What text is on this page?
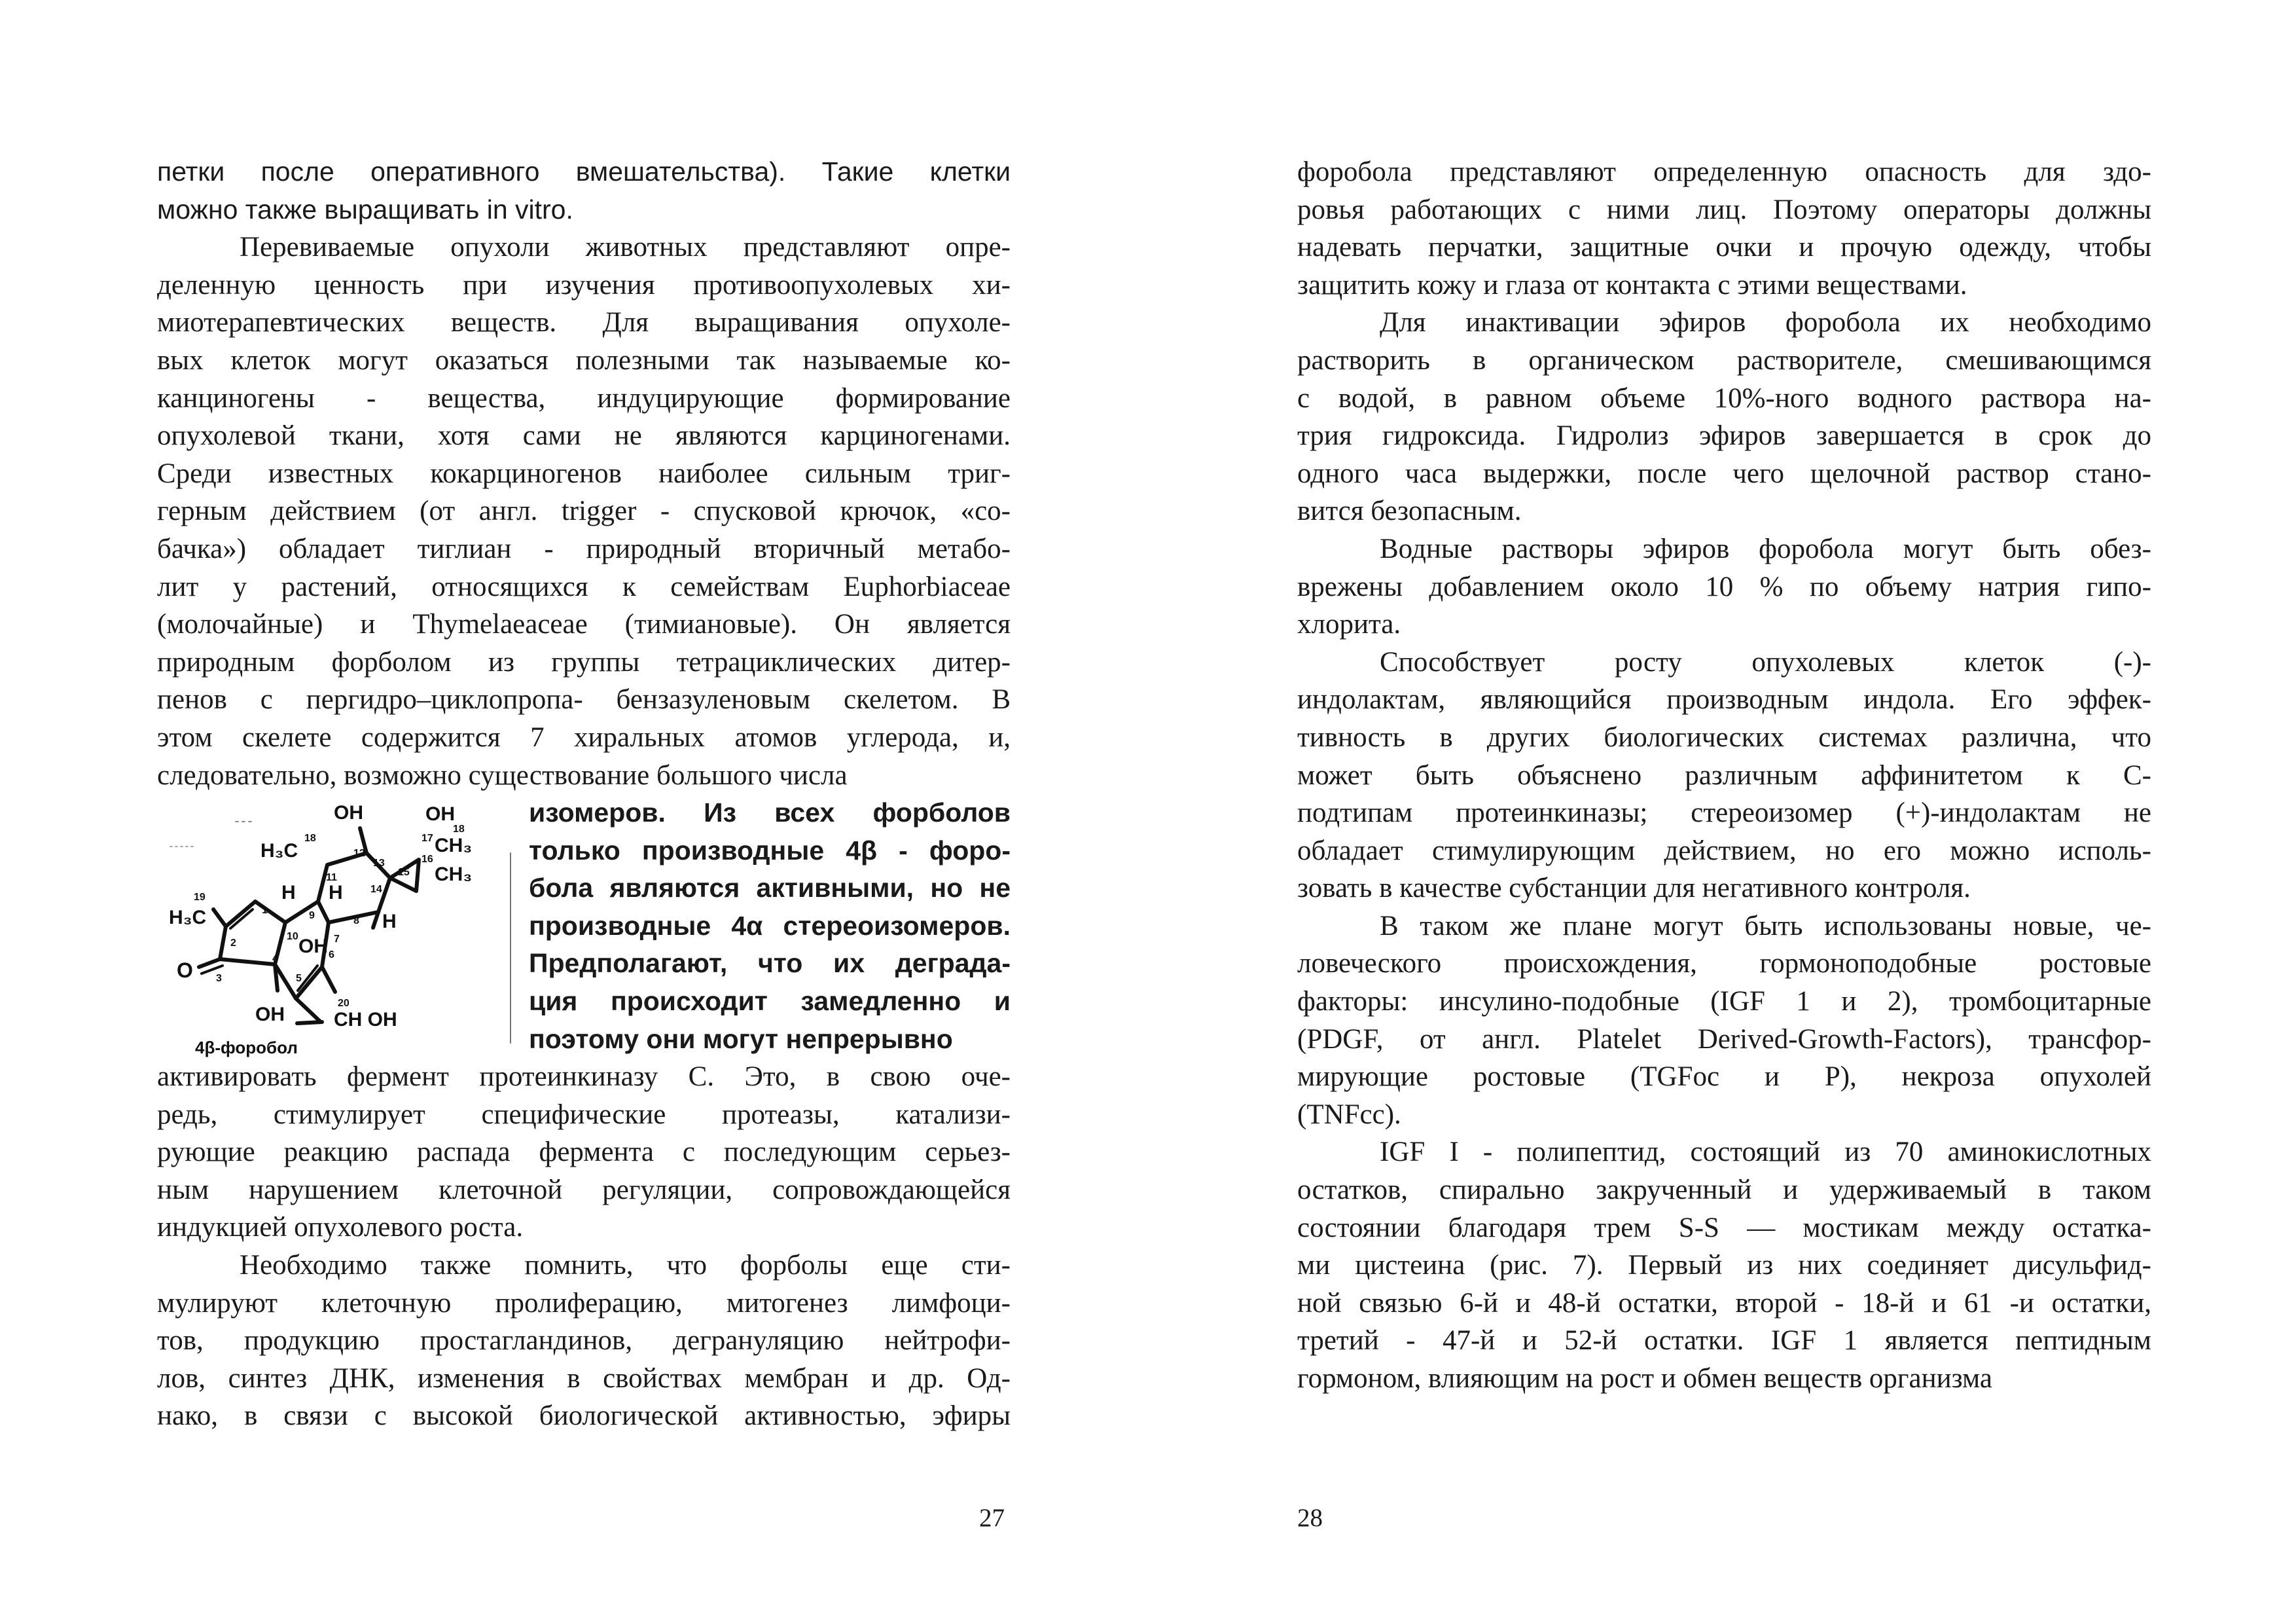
петки после оперативного вмешательства). Такие клетки
можно также выращивать in vitro.
Перевиваемые опухоли животных представляют опре-
деленную ценность при изучения противоопухолевых хи-
миотерапевтических веществ. Для выращивания опухоле-
вых клеток могут оказаться полезными так называемые ко-
канциногены - вещества, индуцирующие формирование
опухолевой ткани, хотя сами не являются карциногенами.
Среди известных кокарциногенов наиболее сильным триг-
герным действием (от англ. trigger - спусковой крючок, «со-
бачка») обладает тиглиан - природный вторичный метабо-
лит у растений, относящихся к семействам Euphorbiaceae
(молочайные) и Thymelaeaceae (тимиановые). Он является
природным форболом из группы тетрациклических дитер-
пенов с пергидро–циклопропа- бензазуленовым скелетом. В
этом скелете содержится 7 хиральных атомов углерода, и,
следовательно, возможно существование большого числа
OH	OH
18
12
13
H₃C	CH₃
CH₃
16
17
18
11
14
15
19
H₃C	1
H H
9	8 H
10
2	OH
4	6
7
O 3	5
20
OH	CH OH
4β-форобол
изомеров. Из всех форболов
только производные 4β - форо-
бола являются активными, но не
производные 4α стереоизомеров.
Предполагают, что их деграда-
ция происходит замедленно и
поэтому они могут непрерывно
активировать фермент протеинкиназу С. Это, в свою оче-
редь, стимулирует специфические протеазы, катализи-
рующие реакцию распада фермента с последующим серьез-
ным нарушением клеточной регуляции, сопровождающейся
индукцией опухолевого роста.
Необходимо также помнить, что форболы еще сти-
мулируют клеточную пролиферацию, митогенез лимфоци-
тов, продукцию простагландинов, дегрануляцию нейтрофи-
лов, синтез ДНК, изменения в свойствах мембран и др. Од-
нако, в связи с высокой биологической активностью, эфиры
27
форобола представляют определенную опасность для здо-
ровья работающих с ними лиц. Поэтому операторы должны
надевать перчатки, защитные очки и прочую одежду, чтобы
защитить кожу и глаза от контакта с этими веществами.
Для инактивации эфиров форобола их необходимо
растворить в органическом растворителе, смешивающимся
с водой, в равном объеме 10%-ного водного раствора на-
трия гидроксида. Гидролиз эфиров завершается в срок до
одного часа выдержки, после чего щелочной раствор стано-
вится безопасным.
Водные растворы эфиров форобола могут быть обез-
врежены добавлением около 10 % по объему натрия гипо-
хлорита.
Способствует росту опухолевых клеток (-)-
индолактам, являющийся производным индола. Его эффек-
тивность в других биологических системах различна, что
может быть объяснено различным аффинитетом к С-
подтипам протеинкиназы; стереоизомер (+)-индолактам не
обладает стимулирующим действием, но его можно исполь-
зовать в качестве субстанции для негативного контроля.
В таком же плане могут быть использованы новые, че-
ловеческого происхождения, гормоноподобные ростовые
факторы: инсулино-подобные (IGF 1 и 2), тромбоцитарные
(PDGF, от англ. Platelet Derived-Growth-Factors), трансфор-
мирующие ростовые (TGFoc и Р), некроза опухолей
(TNFcc).
IGF I - полипептид, состоящий из 70 аминокислотных
остатков, спирально закрученный и удерживаемый в таком
состоянии благодаря трем S-S — мостикам между остатка-
ми цистеина (рис. 7). Первый из них соединяет дисульфид-
ной связью 6-й и 48-й остатки, второй - 18-й и 61 -и остатки,
третий - 47-й и 52-й остатки. IGF 1 является пептидным
гормоном, влияющим на рост и обмен веществ организма
28
